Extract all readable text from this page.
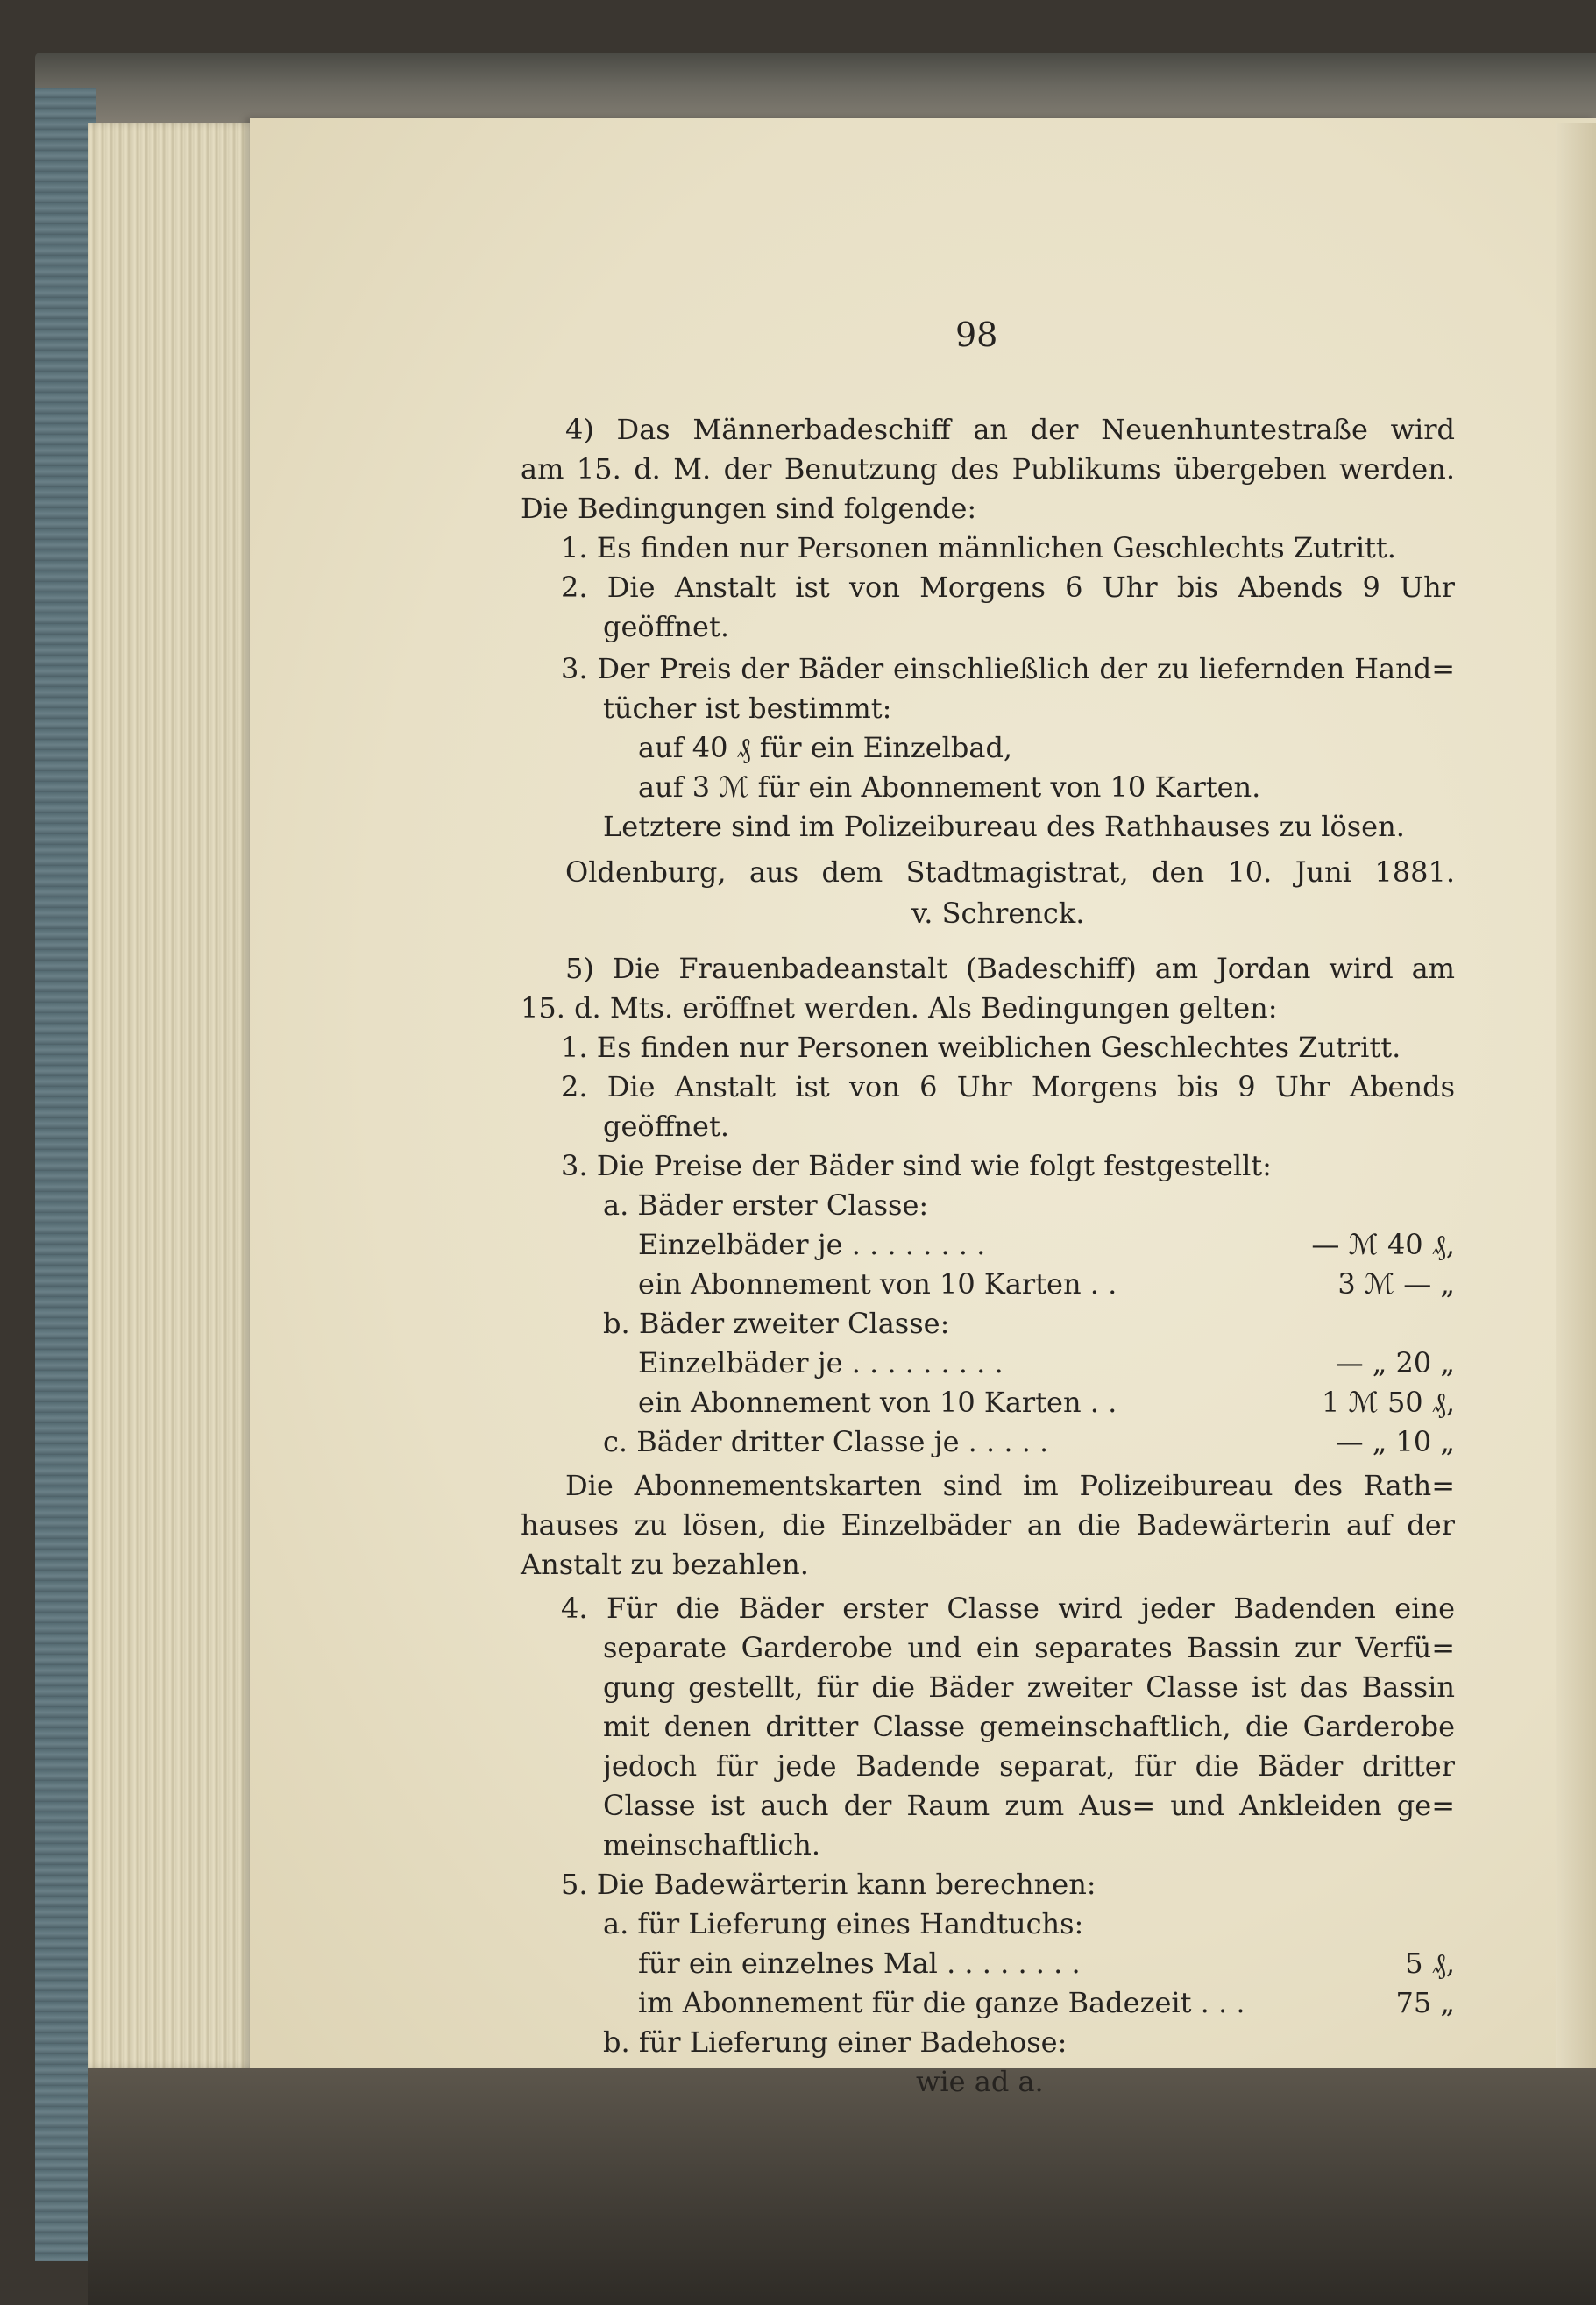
98
4) Das Männerbadeschiff an der Neuenhuntestraße wird
am 15. d. M. der Benutzung des Publikums übergeben werden.
Die Bedingungen sind folgende:
1. Es finden nur Personen männlichen Geschlechts Zutritt.
2. Die Anstalt ist von Morgens 6 Uhr bis Abends 9 Uhr
geöffnet.
3. Der Preis der Bäder einschließlich der zu liefernden Hand=
tücher ist bestimmt:
auf 40 ₰ für ein Einzelbad,
auf 3 ℳ für ein Abonnement von 10 Karten.
Letztere sind im Polizeibureau des Rathhauses zu lösen.
Oldenburg, aus dem Stadtmagistrat, den 10. Juni 1881.
v. Schrenck.
5) Die Frauenbadeanstalt (Badeschiff) am Jordan wird am
15. d. Mts. eröffnet werden. Als Bedingungen gelten:
1. Es finden nur Personen weiblichen Geschlechtes Zutritt.
2. Die Anstalt ist von 6 Uhr Morgens bis 9 Uhr Abends
geöffnet.
3. Die Preise der Bäder sind wie folgt festgestellt:
a. Bäder erster Classe:
Einzelbäder je . . . . . . . .	— ℳ 40 ₰,
ein Abonnement von 10 Karten . .	3 ℳ — „
b. Bäder zweiter Classe:
Einzelbäder je . . . . . . . . .	— „ 20 „
ein Abonnement von 10 Karten . .	1 ℳ 50 ₰,
c. Bäder dritter Classe je . . . . .	— „ 10 „
Die Abonnementskarten sind im Polizeibureau des Rath=
hauses zu lösen, die Einzelbäder an die Badewärterin auf der
Anstalt zu bezahlen.
4. Für die Bäder erster Classe wird jeder Badenden eine
separate Garderobe und ein separates Bassin zur Verfü=
gung gestellt, für die Bäder zweiter Classe ist das Bassin
mit denen dritter Classe gemeinschaftlich, die Garderobe
jedoch für jede Badende separat, für die Bäder dritter
Classe ist auch der Raum zum Aus= und Ankleiden ge=
meinschaftlich.
5. Die Badewärterin kann berechnen:
a. für Lieferung eines Handtuchs:
für ein einzelnes Mal . . . . . . . .	5 ₰,
im Abonnement für die ganze Badezeit . . .	75 „
b. für Lieferung einer Badehose:
wie ad a.
